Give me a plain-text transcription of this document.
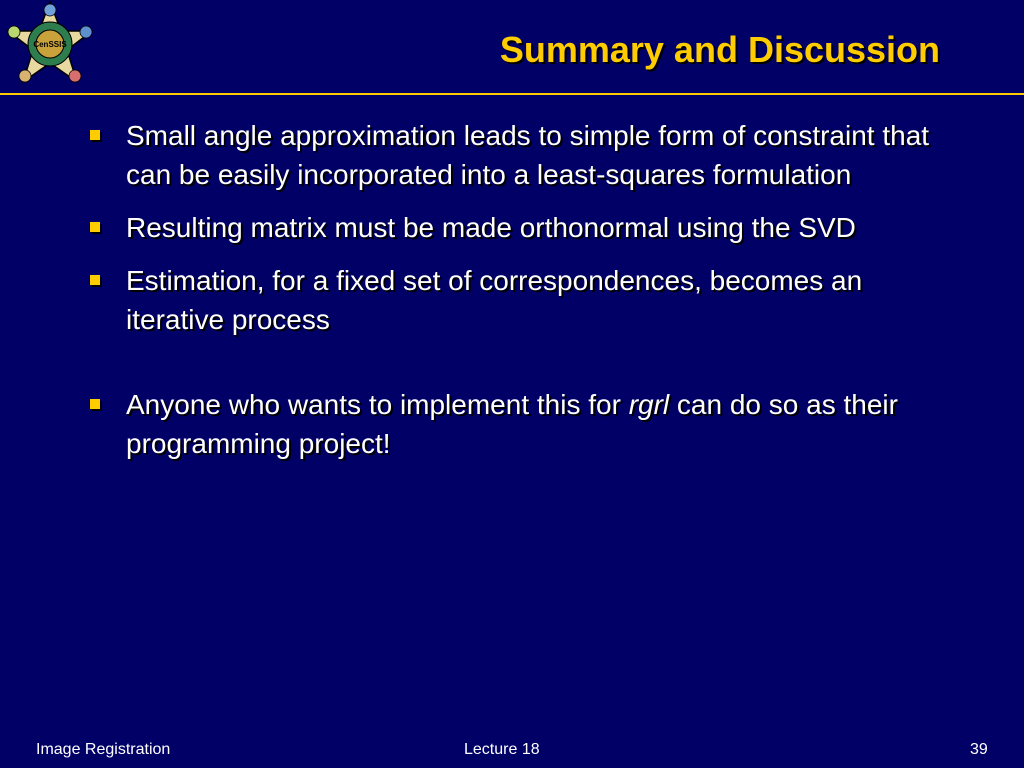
CenSSIS	Summary and Discussion
Small angle approximation leads to simple form of constraint that can be easily incorporated into a least-squares formulation
Resulting matrix must be made orthonormal using the SVD
Estimation, for a fixed set of correspondences, becomes an iterative process
Anyone who wants to implement this for rgrl can do so as their programming project!
Image Registration	Lecture 18	39
